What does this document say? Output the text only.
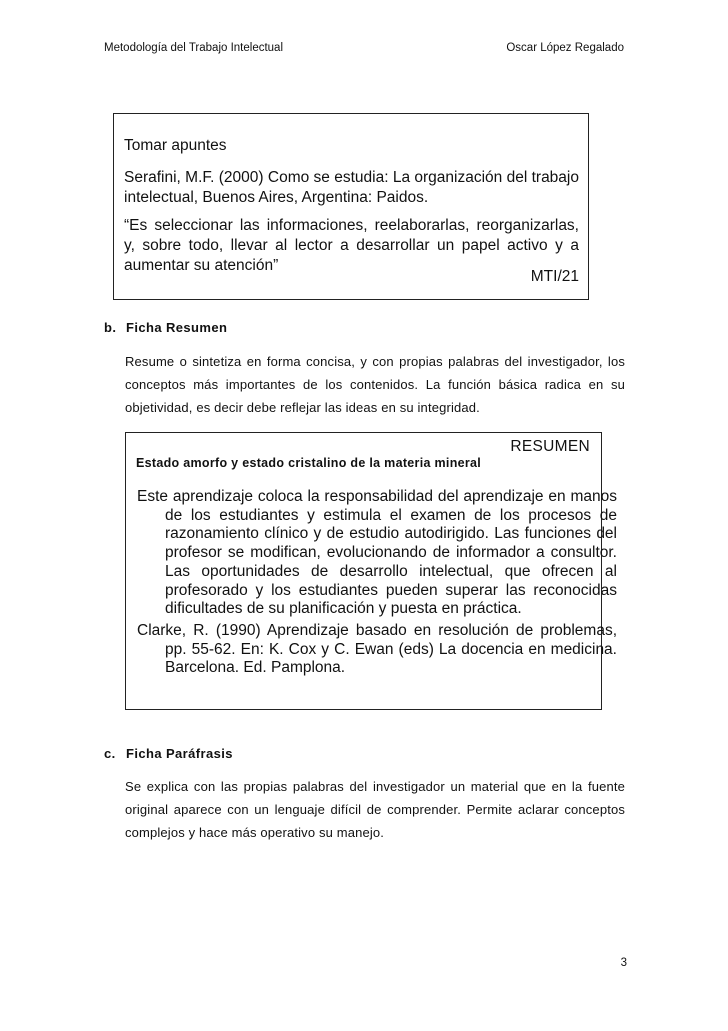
Metodología del Trabajo Intelectual	Oscar López Regalado
Tomar apuntes
Serafini, M.F. (2000) Como se estudia: La organización del trabajo intelectual, Buenos Aires, Argentina: Paidos.
“Es seleccionar las informaciones, reelaborarlas, reorganizarlas, y, sobre todo, llevar al lector a desarrollar un papel activo y a aumentar su atención”
MTI/21
b. Ficha Resumen
Resume o sintetiza en forma concisa, y con propias palabras del investigador, los conceptos más importantes de los contenidos. La función básica radica en su objetividad, es decir debe reflejar las ideas en su integridad.
RESUMEN
Estado amorfo y estado cristalino de la materia mineral
Este aprendizaje coloca la responsabilidad del aprendizaje en manos de los estudiantes y estimula el examen de los procesos de razonamiento clínico y de estudio autodirigido. Las funciones del profesor se modifican, evolucionando de informador a consultor. Las oportunidades de desarrollo intelectual, que ofrecen al profesorado y los estudiantes pueden superar las reconocidas dificultades de su planificación y puesta en práctica.
Clarke, R. (1990) Aprendizaje basado en resolución de problemas, pp. 55-62. En: K. Cox y C. Ewan (eds) La docencia en medicina. Barcelona. Ed. Pamplona.
c. Ficha Paráfrasis
Se explica con las propias palabras del investigador un material que en la fuente original aparece con un lenguaje difícil de comprender. Permite aclarar conceptos complejos y hace más operativo su manejo.
3
